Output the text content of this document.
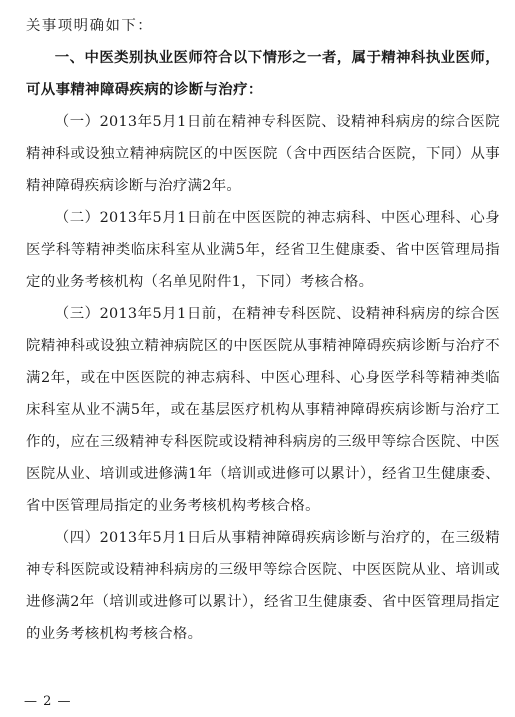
关事项明确如下：

一、中医类别执业医师符合以下情形之一者，属于精神科执业医师，可从事精神障碍疾病的诊断与治疗：

（一）2013年5月1日前在精神专科医院、设精神科病房的综合医院精神科或设独立精神病院区的中医医院（含中西医结合医院，下同）从事精神障碍疾病诊断与治疗满2年。

（二）2013年5月1日前在中医医院的神志病科、中医心理科、心身医学科等精神类临床科室从业满5年，经省卫生健康委、省中医管理局指定的业务考核机构（名单见附件1，下同）考核合格。

（三）2013年5月1日前，在精神专科医院、设精神科病房的综合医院精神科或设独立精神病院区的中医医院从事精神障碍疾病诊断与治疗不满2年，或在中医医院的神志病科、中医心理科、心身医学科等精神类临床科室从业不满5年，或在基层医疗机构从事精神障碍疾病诊断与治疗工作的，应在三级精神专科医院或设精神科病房的三级甲等综合医院、中医医院从业、培训或进修满1年（培训或进修可以累计），经省卫生健康委、省中医管理局指定的业务考核机构考核合格。

（四）2013年5月1日后从事精神障碍疾病诊断与治疗的，在三级精神专科医院或设精神科病房的三级甲等综合医院、中医医院从业、培训或进修满2年（培训或进修可以累计），经省卫生健康委、省中医管理局指定的业务考核机构考核合格。

— 2 —
